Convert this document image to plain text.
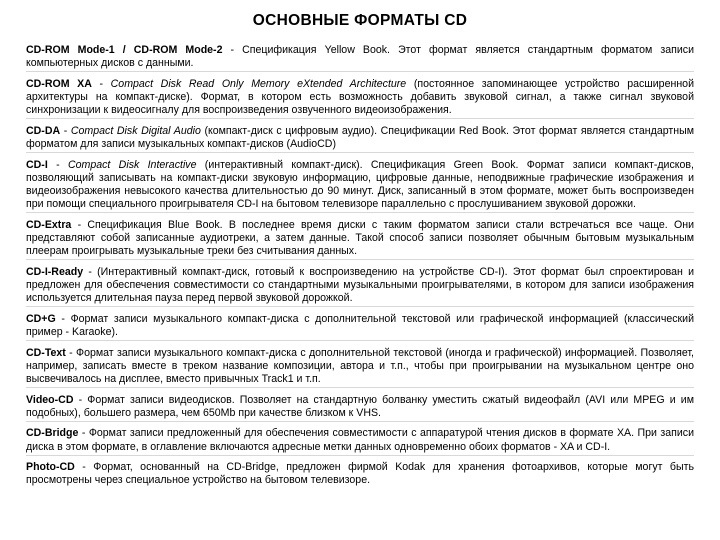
ОСНОВНЫЕ ФОРМАТЫ CD

CD-ROM Mode-1 / CD-ROM Mode-2 - Спецификация Yellow Book. Этот формат является стандартным форматом записи компьютерных дисков с данными.

CD-ROM XA - Compact Disk Read Only Memory eXtended Architecture (постоянное запоминающее устройство расширенной архитектуры на компакт-диске). Формат, в котором есть возможность добавить звуковой сигнал, а также сигнал звуковой синхронизации к видеосигналу для воспроизведения озвученного видеоизображения.

CD-DA - Compact Disk Digital Audio (компакт-диск с цифровым аудио). Спецификации Red Book. Этот формат является стандартным форматом для записи музыкальных компакт-дисков (AudioCD)

CD-I - Compact Disk Interactive (интерактивный компакт-диск). Спецификация Green Book. Формат записи компакт-дисков, позволяющий записывать на компакт-диски звуковую информацию, цифровые данные, неподвижные графические изображения и видеоизображения невысокого качества длительностью до 90 минут. Диск, записанный в этом формате, может быть воспроизведен при помощи специального проигрывателя CD-I на бытовом телевизоре параллельно с прослушиванием звуковой дорожки.

CD-Extra - Спецификация Blue Book. В последнее время диски с таким форматом записи стали встречаться все чаще. Они представляют собой записанные аудиотреки, а затем данные. Такой способ записи позволяет обычным бытовым музыкальным плеерам проигрывать музыкальные треки без считывания данных.

CD-I-Ready - (Интерактивный компакт-диск, готовый к воспроизведению на устройстве CD-I). Этот формат был спроектирован и предложен для обеспечения совместимости со стандартными музыкальными проигрывателями, в котором для записи изображения используется длительная пауза перед первой звуковой дорожкой.

CD+G - Формат записи музыкального компакт-диска с дополнительной текстовой или графической информацией (классический пример - Karaoke).

CD-Text - Формат записи музыкального компакт-диска с дополнительной текстовой (иногда и графической) информацией. Позволяет, например, записать вместе в треком название композиции, автора и т.п., чтобы при проигрывании на музыкальном центре оно высвечивалось на дисплее, вместо привычных Track1 и т.п.

Video-CD - Формат записи видеодисков. Позволяет на стандартную болванку уместить сжатый видеофайл (AVI или MPEG и им подобных), большего размера, чем 650Mb при качестве близком к VHS.

CD-Bridge - Формат записи предложенный для обеспечения совместимости с аппаратурой чтения дисков в формате XA. При записи диска в этом формате, в оглавление включаются адресные метки данных одновременно обоих форматов - XA и CD-I.

Photo-CD - Формат, основанный на CD-Bridge, предложен фирмой Kodak для хранения фотоархивов, которые могут быть просмотрены через специальное устройство на бытовом телевизоре.
